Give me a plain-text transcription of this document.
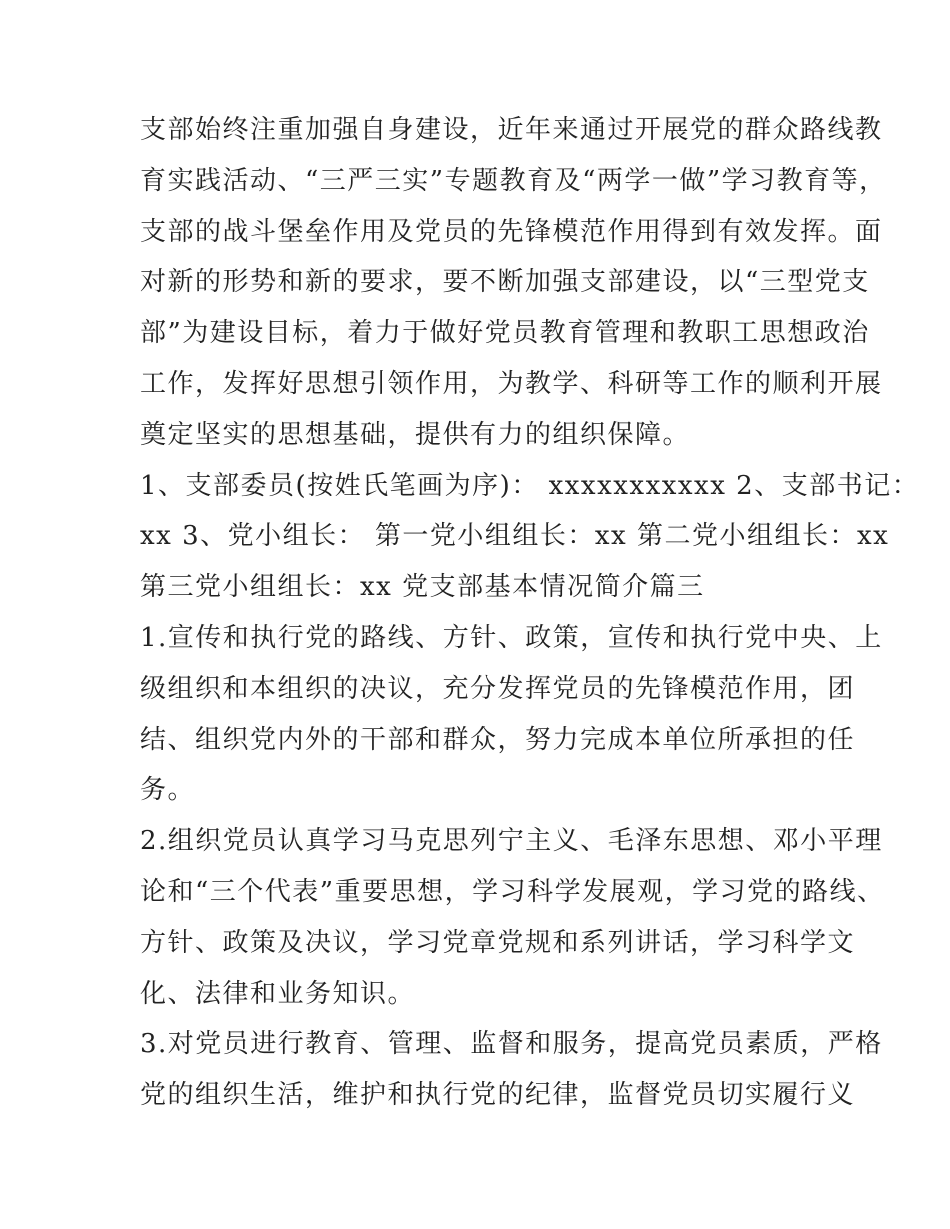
支部始终注重加强自身建设，近年来通过开展党的群众路线教
育实践活动、“三严三实”专题教育及“两学一做”学习教育等，
支部的战斗堡垒作用及党员的先锋模范作用得到有效发挥。面
对新的形势和新的要求，要不断加强支部建设，以“三型党支
部”为建设目标，着力于做好党员教育管理和教职工思想政治
工作，发挥好思想引领作用，为教学、科研等工作的顺利开展
奠定坚实的思想基础，提供有力的组织保障。
1、支部委员(按姓氏笔画为序)： xxxxxxxxxxx 2、支部书记：
xx 3、党小组长： 第一党小组组长：xx 第二党小组组长：xx
第三党小组组长：xx 党支部基本情况简介篇三
1.宣传和执行党的路线、方针、政策，宣传和执行党中央、上
级组织和本组织的决议，充分发挥党员的先锋模范作用，团
结、组织党内外的干部和群众，努力完成本单位所承担的任
务。
2.组织党员认真学习马克思列宁主义、毛泽东思想、邓小平理
论和“三个代表”重要思想，学习科学发展观，学习党的路线、
方针、政策及决议，学习党章党规和系列讲话，学习科学文
化、法律和业务知识。
3.对党员进行教育、管理、监督和服务，提高党员素质，严格
党的组织生活，维护和执行党的纪律，监督党员切实履行义
